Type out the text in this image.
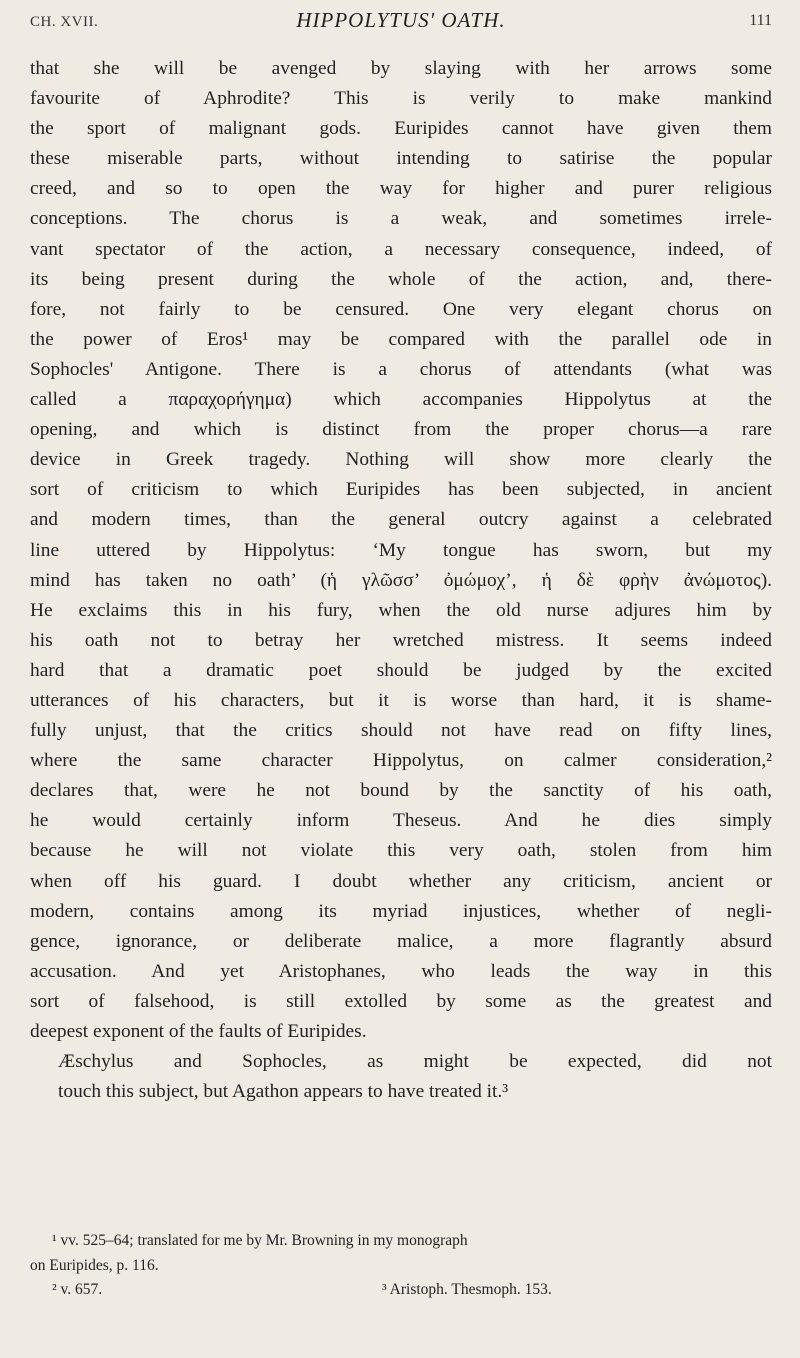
CH. XVII.	HIPPOLYTUS' OATH.	111
that she will be avenged by slaying with her arrows some
favourite of Aphrodite? This is verily to make mankind
the sport of malignant gods. Euripides cannot have given them
these miserable parts, without intending to satirise the popular
creed, and so to open the way for higher and purer religious
conceptions. The chorus is a weak, and sometimes irrele-
vant spectator of the action, a necessary consequence, indeed, of
its being present during the whole of the action, and, there-
fore, not fairly to be censured. One very elegant chorus on
the power of Eros¹ may be compared with the parallel ode in
Sophocles' Antigone. There is a chorus of attendants (what was
called a παραχορήγημα) which accompanies Hippolytus at the
opening, and which is distinct from the proper chorus—a rare
device in Greek tragedy. Nothing will show more clearly the
sort of criticism to which Euripides has been subjected, in ancient
and modern times, than the general outcry against a celebrated
line uttered by Hippolytus: ‘My tongue has sworn, but my
mind has taken no oath’ (ἡ γλῶσσ’ ὀμώμοχ’, ἡ δὲ φρὴν ἀνώμοτος).
He exclaims this in his fury, when the old nurse adjures him by
his oath not to betray her wretched mistress. It seems indeed
hard that a dramatic poet should be judged by the excited
utterances of his characters, but it is worse than hard, it is shame-
fully unjust, that the critics should not have read on fifty lines,
where the same character Hippolytus, on calmer consideration,²
declares that, were he not bound by the sanctity of his oath,
he would certainly inform Theseus. And he dies simply
because he will not violate this very oath, stolen from him
when off his guard. I doubt whether any criticism, ancient or
modern, contains among its myriad injustices, whether of negli-
gence, ignorance, or deliberate malice, a more flagrantly absurd
accusation. And yet Aristophanes, who leads the way in this
sort of falsehood, is still extolled by some as the greatest and
deepest exponent of the faults of Euripides.
Æschylus and Sophocles, as might be expected, did not
touch this subject, but Agathon appears to have treated it.³
¹ vv. 525–64; translated for me by Mr. Browning in my monograph
on Euripides, p. 116.
² v. 657.	³ Aristoph. Thesmoph. 153.
